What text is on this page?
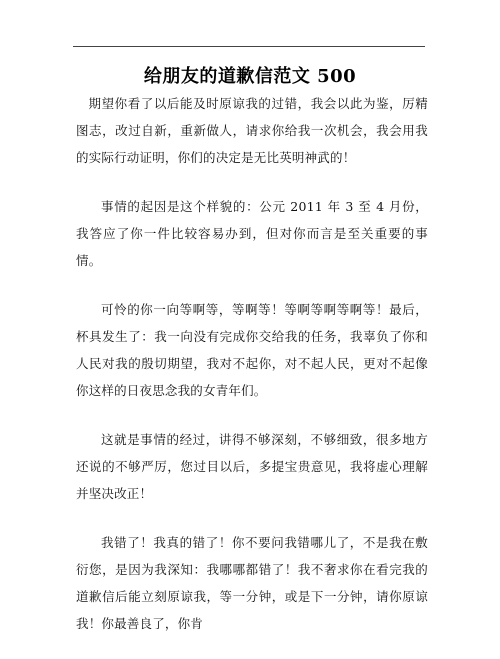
给朋友的道歉信范文 500

期望你看了以后能及时原谅我的过错，我会以此为鉴，厉精图志，改过自新，重新做人，请求你给我一次机会，我会用我的实际行动证明，你们的决定是无比英明神武的！

事情的起因是这个样貌的：公元 2011 年 3 至 4 月份，我答应了你一件比较容易办到，但对你而言是至关重要的事情。

可怜的你一向等啊等，等啊等！等啊等啊等啊等！最后，杯具发生了：我一向没有完成你交给我的任务，我辜负了你和人民对我的殷切期望，我对不起你，对不起人民，更对不起像你这样的日夜思念我的女青年们。

这就是事情的经过，讲得不够深刻，不够细致，很多地方还说的不够严厉，您过目以后，多提宝贵意见，我将虚心理解并坚决改正！

我错了！我真的错了！你不要问我错哪儿了，不是我在敷衍您，是因为我深知：我哪哪都错了！我不奢求你在看完我的道歉信后能立刻原谅我，等一分钟，或是下一分钟，请你原谅我！你最善良了，你肯
